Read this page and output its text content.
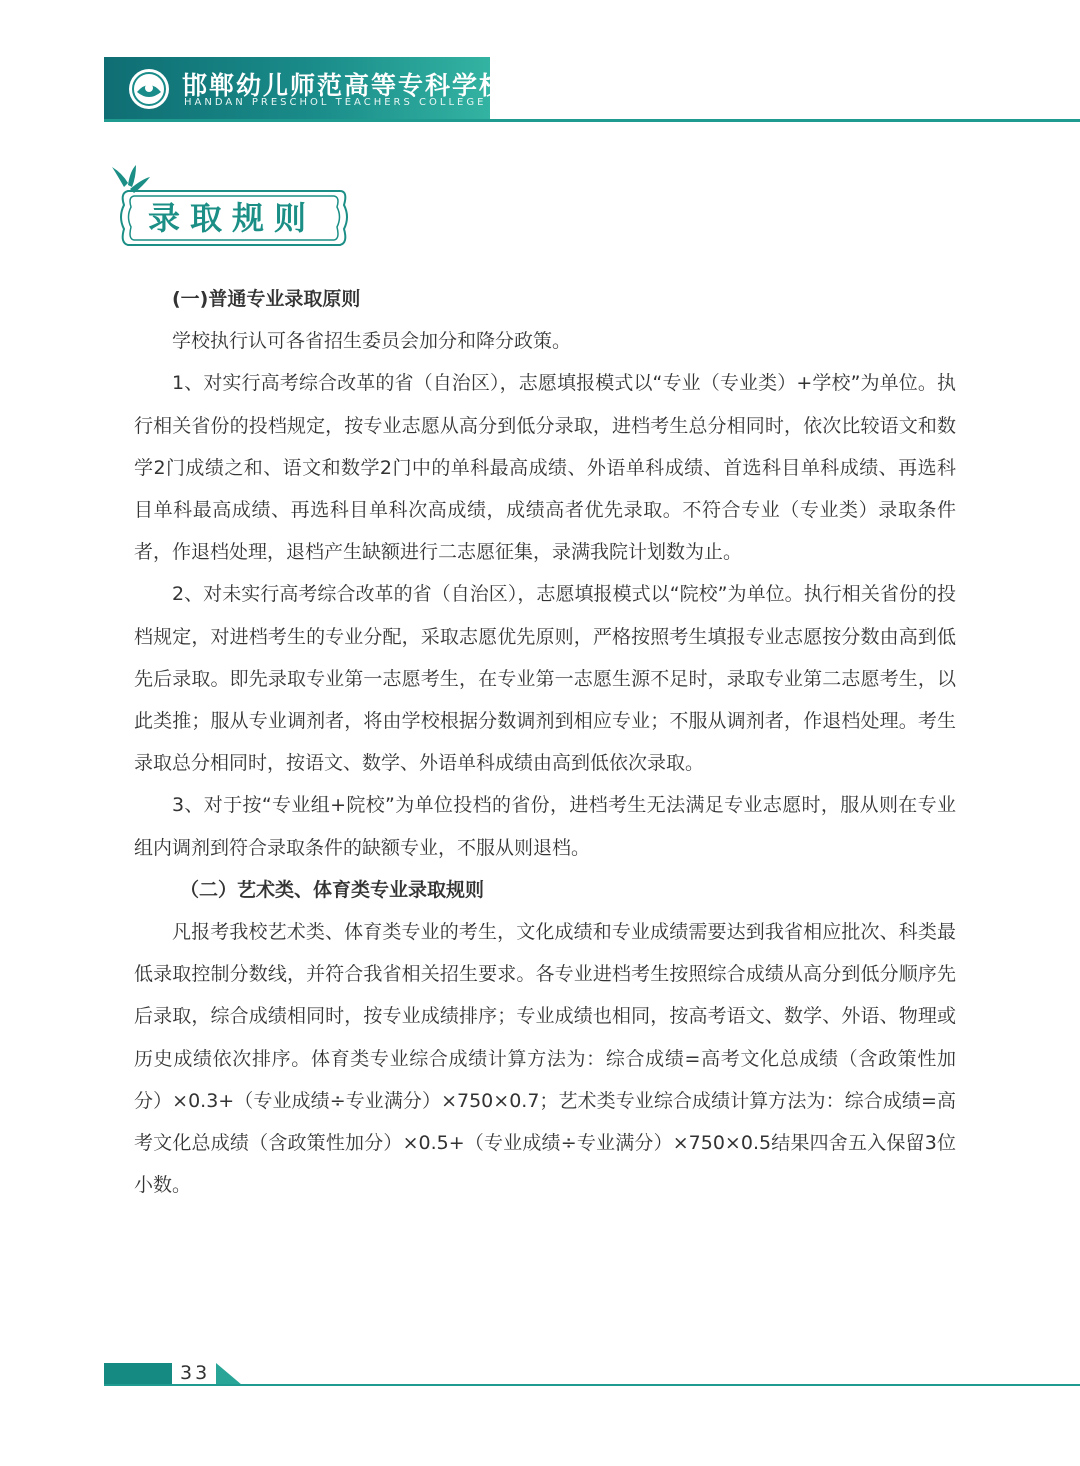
邯郸幼儿师范高等专科学校
HANDAN PRESCHOL TEACHERS COLLEGE
录取规则

(一)普通专业录取原则

学校执行认可各省招生委员会加分和降分政策。

1、对实行高考综合改革的省（自治区），志愿填报模式以“专业（专业类）+学校”为单位。执行相关省份的投档规定，按专业志愿从高分到低分录取，进档考生总分相同时，依次比较语文和数学2门成绩之和、语文和数学2门中的单科最高成绩、外语单科成绩、首选科目单科成绩、再选科目单科最高成绩、再选科目单科次高成绩，成绩高者优先录取。不符合专业（专业类）录取条件者，作退档处理，退档产生缺额进行二志愿征集，录满我院计划数为止。

2、对未实行高考综合改革的省（自治区），志愿填报模式以“院校”为单位。执行相关省份的投档规定，对进档考生的专业分配，采取志愿优先原则，严格按照考生填报专业志愿按分数由高到低先后录取。即先录取专业第一志愿考生，在专业第一志愿生源不足时，录取专业第二志愿考生，以此类推；服从专业调剂者，将由学校根据分数调剂到相应专业；不服从调剂者，作退档处理。考生录取总分相同时，按语文、数学、外语单科成绩由高到低依次录取。

3、对于按“专业组+院校”为单位投档的省份，进档考生无法满足专业志愿时，服从则在专业组内调剂到符合录取条件的缺额专业，不服从则退档。

（二）艺术类、体育类专业录取规则

凡报考我校艺术类、体育类专业的考生，文化成绩和专业成绩需要达到我省相应批次、科类最低录取控制分数线，并符合我省相关招生要求。各专业进档考生按照综合成绩从高分到低分顺序先后录取，综合成绩相同时，按专业成绩排序；专业成绩也相同，按高考语文、数学、外语、物理或历史成绩依次排序。体育类专业综合成绩计算方法为：综合成绩=高考文化总成绩（含政策性加分）×0.3+（专业成绩÷专业满分）×750×0.7；艺术类专业综合成绩计算方法为：综合成绩=高考文化总成绩（含政策性加分）×0.5+（专业成绩÷专业满分）×750×0.5结果四舍五入保留3位小数。

33
